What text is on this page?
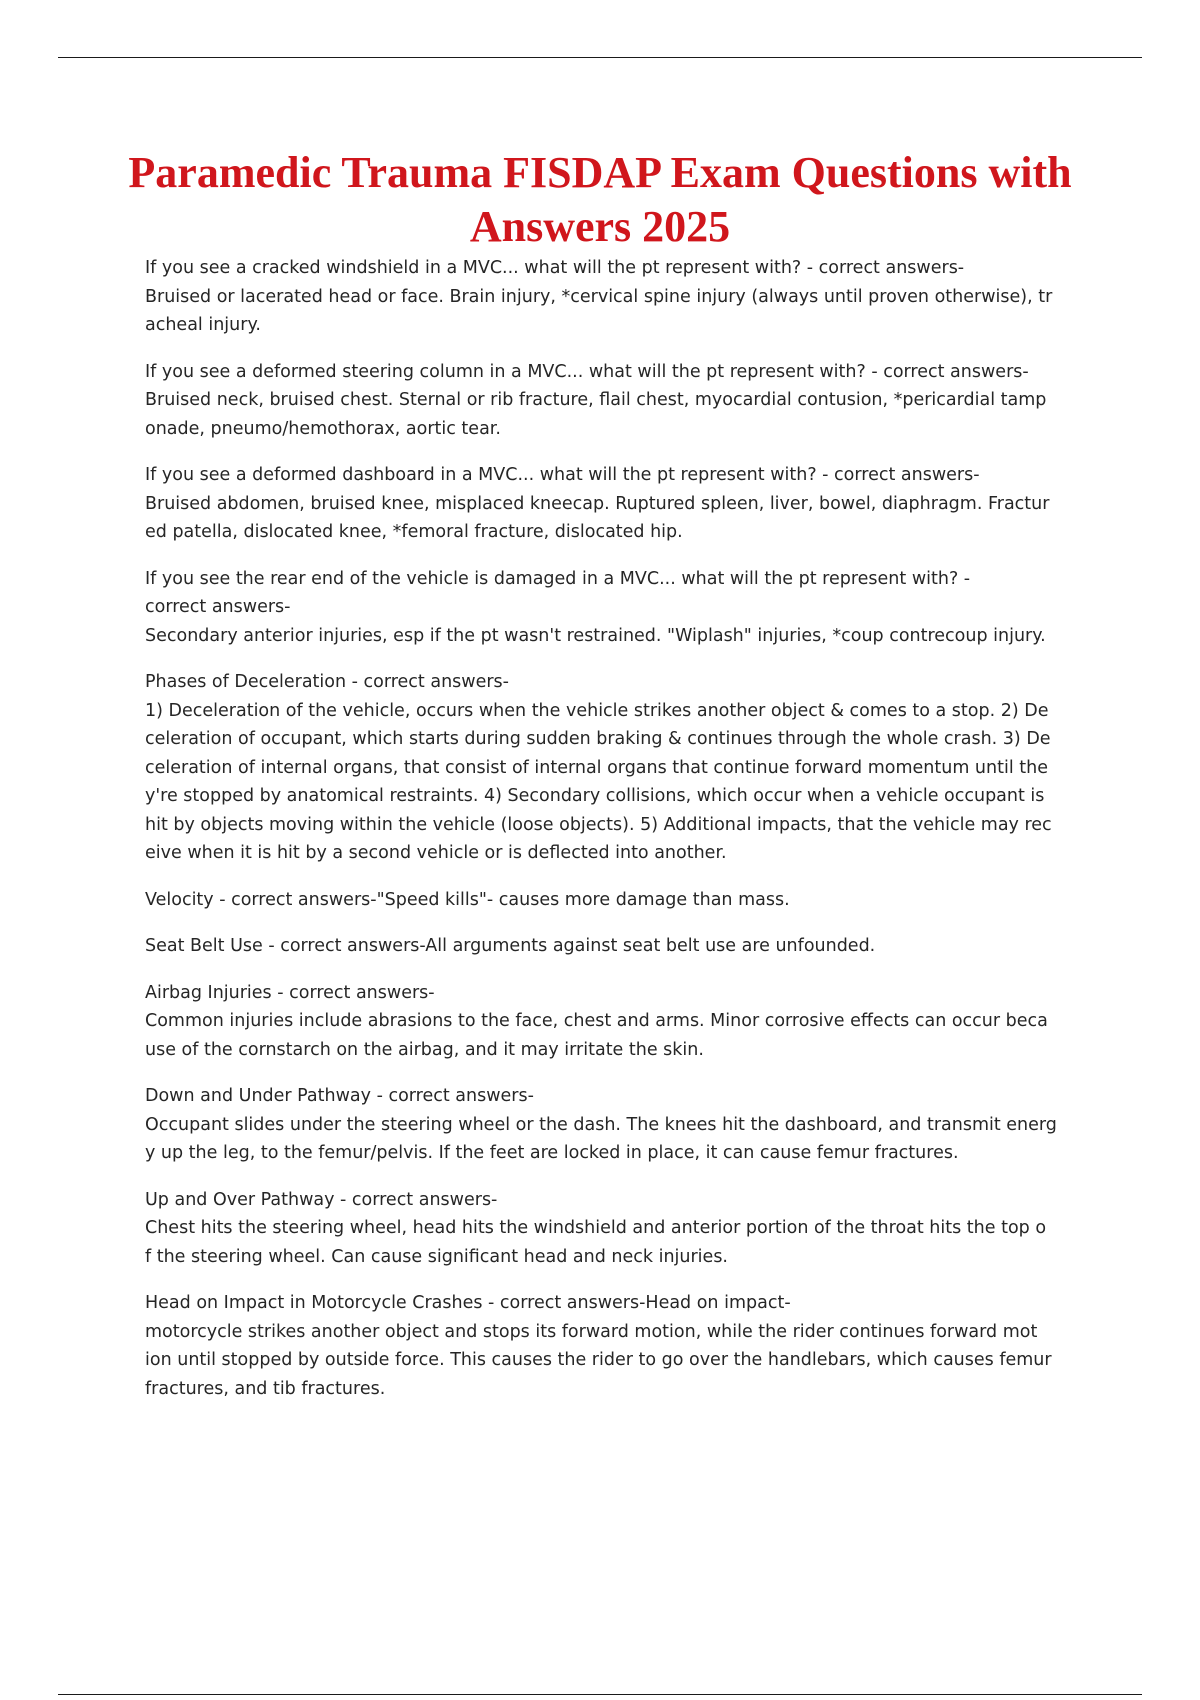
Paramedic Trauma FISDAP Exam Questions with Answers 2025

If you see a cracked windshield in a MVC... what will the pt represent with? - correct answers-
Bruised or lacerated head or face. Brain injury, *cervical spine injury (always until proven otherwise), tr
acheal injury.

If you see a deformed steering column in a MVC... what will the pt represent with? - correct answers-
Bruised neck, bruised chest. Sternal or rib fracture, flail chest, myocardial contusion, *pericardial tamp
onade, pneumo/hemothorax, aortic tear.

If you see a deformed dashboard in a MVC... what will the pt represent with? - correct answers-
Bruised abdomen, bruised knee, misplaced kneecap. Ruptured spleen, liver, bowel, diaphragm. Fractur
ed patella, dislocated knee, *femoral fracture, dislocated hip.

If you see the rear end of the vehicle is damaged in a MVC... what will the pt represent with? -
correct answers-
Secondary anterior injuries, esp if the pt wasn't restrained. "Wiplash" injuries, *coup contrecoup injury.

Phases of Deceleration - correct answers-
1) Deceleration of the vehicle, occurs when the vehicle strikes another object & comes to a stop. 2) De
celeration of occupant, which starts during sudden braking & continues through the whole crash. 3) De
celeration of internal organs, that consist of internal organs that continue forward momentum until the
y're stopped by anatomical restraints. 4) Secondary collisions, which occur when a vehicle occupant is
hit by objects moving within the vehicle (loose objects). 5) Additional impacts, that the vehicle may rec
eive when it is hit by a second vehicle or is deflected into another.

Velocity - correct answers-"Speed kills"- causes more damage than mass.

Seat Belt Use - correct answers-All arguments against seat belt use are unfounded.

Airbag Injuries - correct answers-
Common injuries include abrasions to the face, chest and arms. Minor corrosive effects can occur beca
use of the cornstarch on the airbag, and it may irritate the skin.

Down and Under Pathway - correct answers-
Occupant slides under the steering wheel or the dash. The knees hit the dashboard, and transmit energ
y up the leg, to the femur/pelvis. If the feet are locked in place, it can cause femur fractures.

Up and Over Pathway - correct answers-
Chest hits the steering wheel, head hits the windshield and anterior portion of the throat hits the top o
f the steering wheel. Can cause significant head and neck injuries.

Head on Impact in Motorcycle Crashes - correct answers-Head on impact-
motorcycle strikes another object and stops its forward motion, while the rider continues forward mot
ion until stopped by outside force. This causes the rider to go over the handlebars, which causes femur
fractures, and tib fractures.
